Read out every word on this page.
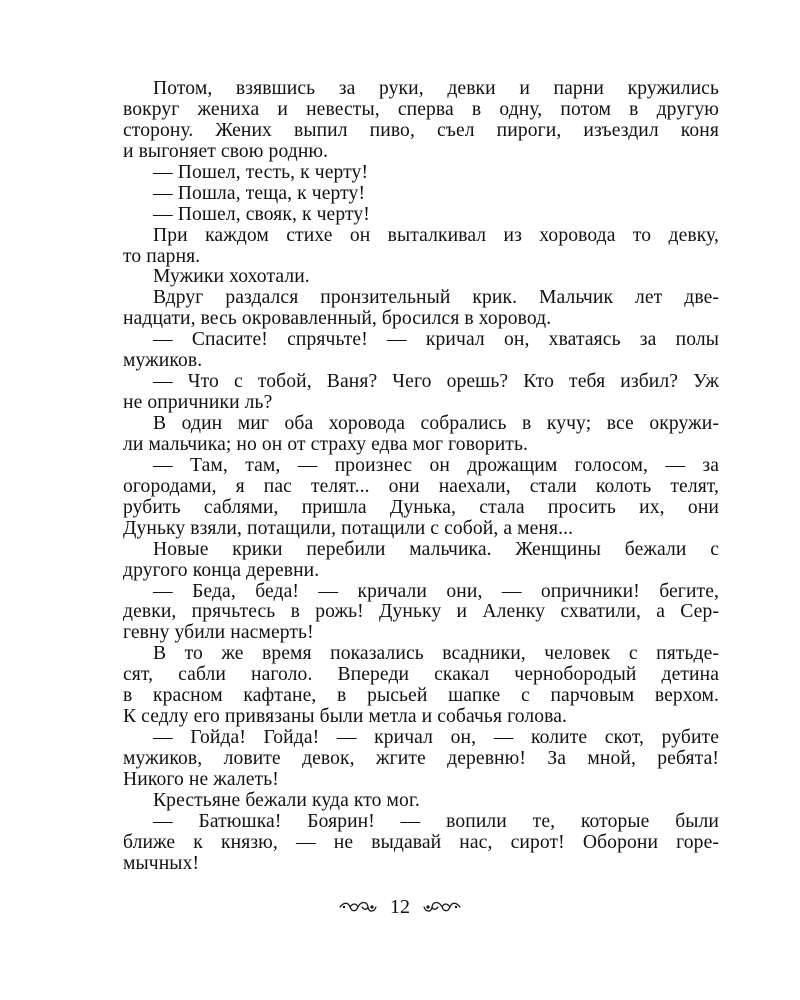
Потом, взявшись за руки, девки и парни кружились
вокруг жениха и невесты, сперва в одну, потом в другую
сторону. Жених выпил пиво, съел пироги, изъездил коня
и выгоняет свою родню.
— Пошел, тесть, к черту!
— Пошла, теща, к черту!
— Пошел, свояк, к черту!
При каждом стихе он выталкивал из хоровода то девку,
то парня.
Мужики хохотали.
Вдруг раздался пронзительный крик. Мальчик лет две-
надцати, весь окровавленный, бросился в хоровод.
— Спасите! спрячьте! — кричал он, хватаясь за полы
мужиков.
— Что с тобой, Ваня? Чего орешь? Кто тебя избил? Уж
не опричники ль?
В один миг оба хоровода собрались в кучу; все окружи-
ли мальчика; но он от страху едва мог говорить.
— Там, там, — произнес он дрожащим голосом, — за
огородами, я пас телят... они наехали, стали колоть телят,
рубить саблями, пришла Дунька, стала просить их, они
Дуньку взяли, потащили, потащили с собой, а меня...
Новые крики перебили мальчика. Женщины бежали с
другого конца деревни.
— Беда, беда! — кричали они, — опричники! бегите,
девки, прячьтесь в рожь! Дуньку и Аленку схватили, а Сер-
гевну убили насмерть!
В то же время показались всадники, человек с пятьде-
сят, сабли наголо. Впереди скакал чернобородый детина
в красном кафтане, в рысьей шапке с парчовым верхом.
К седлу его привязаны были метла и собачья голова.
— Гойда! Гойда! — кричал он, — колите скот, рубите
мужиков, ловите девок, жгите деревню! За мной, ребята!
Никого не жалеть!
Крестьяне бежали куда кто мог.
— Батюшка! Боярин! — вопили те, которые были
ближе к князю, — не выдавай нас, сирот! Оборони горе-
мычных!
12
